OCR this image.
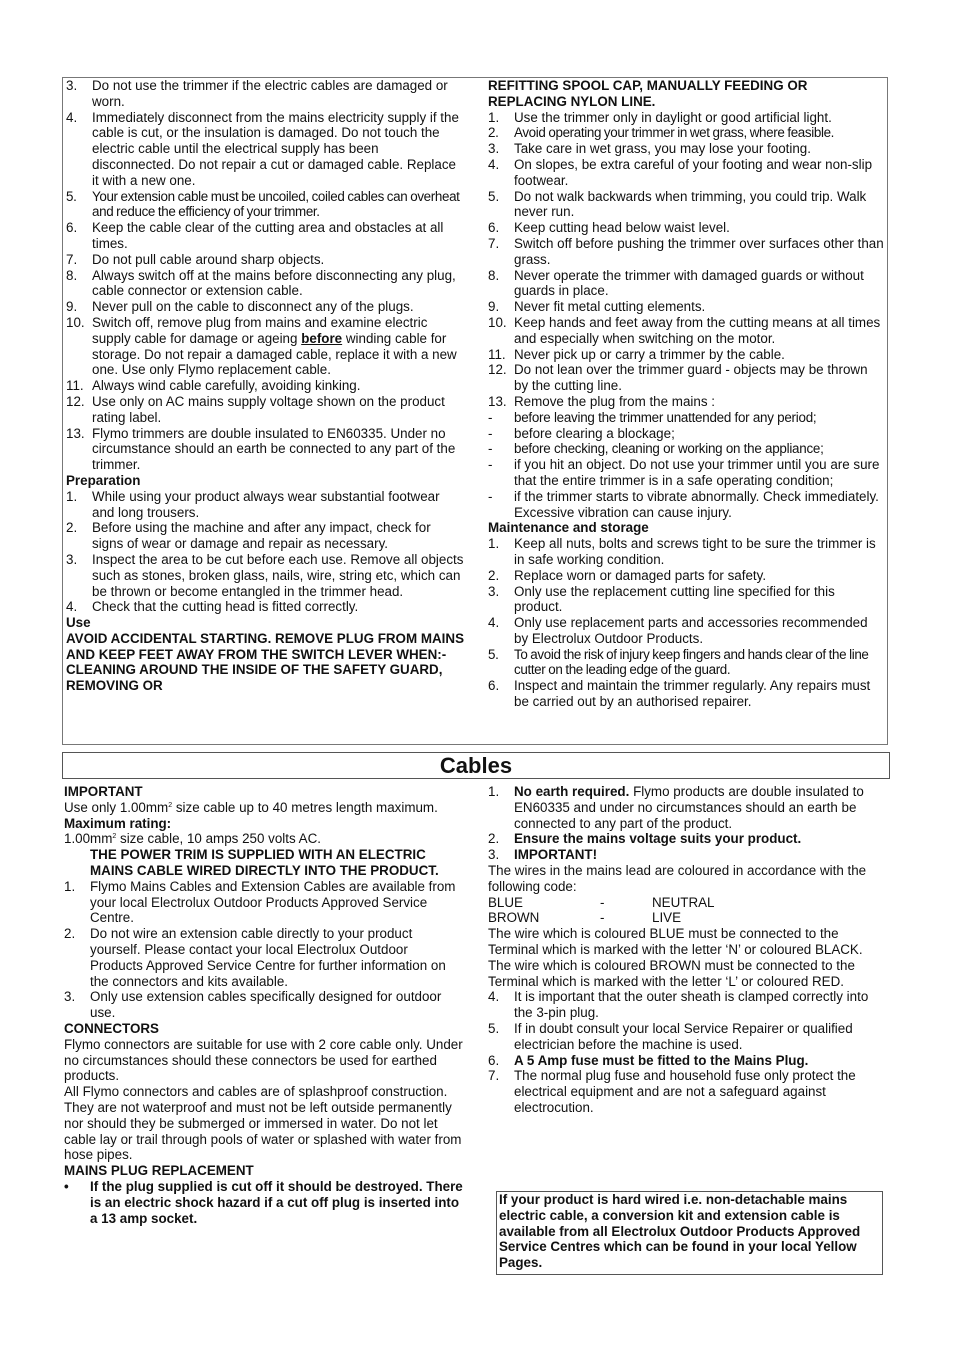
3.	Do not use the trimmer if the electric cables are damaged or worn.
4.	Immediately disconnect from the mains electricity supply if the cable is cut, or the insulation is damaged. Do not touch the electric cable until the electrical supply has been disconnected. Do not repair a cut or damaged cable. Replace it with a new one.
5.	Your extension cable must be uncoiled, coiled cables can overheat and reduce the efficiency of your trimmer.
6.	Keep the cable clear of the cutting area and obstacles at all times.
7.	Do not pull cable around sharp objects.
8.	Always switch off at the mains before disconnecting any plug, cable connector or extension cable.
9.	Never pull on the cable to disconnect any of the plugs.
10. Switch off, remove plug from mains and examine electric supply cable for damage or ageing before winding cable for storage. Do not repair a damaged cable, replace it with a new one. Use only Flymo replacement cable.
11. Always wind cable carefully, avoiding kinking.
12. Use only on AC mains supply voltage shown on the product rating label.
13. Flymo trimmers are double insulated to EN60335. Under no circumstance should an earth be connected to any part of the trimmer.
Preparation
1.	While using your product always wear substantial footwear and long trousers.
2.	Before using the machine and after any impact, check for signs of wear or damage and repair as necessary.
3.	Inspect the area to be cut before each use. Remove all objects such as stones, broken glass, nails, wire, string etc, which can be thrown or become entangled in the trimmer head.
4.	Check that the cutting head is fitted correctly.
Use
AVOID ACCIDENTAL STARTING. REMOVE PLUG FROM MAINS AND KEEP FEET AWAY FROM THE SWITCH LEVER WHEN:- CLEANING AROUND THE INSIDE OF THE SAFETY GUARD, REMOVING OR
REFITTING SPOOL CAP, MANUALLY FEEDING OR REPLACING NYLON LINE.
1.	Use the trimmer only in daylight or good artificial light.
2.	Avoid operating your trimmer in wet grass, where feasible.
3.	Take care in wet grass, you may lose your footing.
4.	On slopes, be extra careful of your footing and wear non-slip footwear.
5.	Do not walk backwards when trimming, you could trip. Walk never run.
6.	Keep cutting head below waist level.
7.	Switch off before pushing the trimmer over surfaces other than grass.
8.	Never operate the trimmer with damaged guards or without guards in place.
9.	Never fit metal cutting elements.
10. Keep hands and feet away from the cutting means at all times and especially when switching on the motor.
11. Never pick up or carry a trimmer by the cable.
12. Do not lean over the trimmer guard - objects may be thrown by the cutting line.
13. Remove the plug from the mains :
-	before leaving the trimmer unattended for any period;
-	before clearing a blockage;
-	before checking, cleaning or working on the appliance;
-	if you hit an object. Do not use your trimmer until you are sure that the entire trimmer is in a safe operating condition;
-	if the trimmer starts to vibrate abnormally. Check immediately. Excessive vibration can cause injury.
Maintenance and storage
1.	Keep all nuts, bolts and screws tight to be sure the trimmer is in safe working condition.
2.	Replace worn or damaged parts for safety.
3.	Only use the replacement cutting line specified for this product.
4.	Only use replacement parts and accessories recommended by Electrolux Outdoor Products.
5.	To avoid the risk of injury keep fingers and hands clear of the line cutter on the leading edge of the guard.
6.	Inspect and maintain the trimmer regularly. Any repairs must be carried out by an authorised repairer.
Cables
IMPORTANT
Use only $1.00mm^2$ size cable up to 40 metres length maximum.
Maximum rating:
$1.00mm^2$ size cable, 10 amps 250 volts AC.
THE POWER TRIM IS SUPPLIED WITH AN ELECTRIC MAINS CABLE WIRED DIRECTLY INTO THE PRODUCT.
1.	Flymo Mains Cables and Extension Cables are available from your local Electrolux Outdoor Products Approved Service Centre.
2.	Do not wire an extension cable directly to your product yourself. Please contact your local Electrolux Outdoor Products Approved Service Centre for further information on the connectors and kits available.
3.	Only use extension cables specifically designed for outdoor use.
CONNECTORS
Flymo connectors are suitable for use with 2 core cable only. Under no circumstances should these connectors be used for earthed products.
All Flymo connectors and cables are of splashproof construction. They are not waterproof and must not be left outside permanently nor should they be submerged or immersed in water. Do not let cable lay or trail through pools of water or splashed with water from hose pipes.
MAINS PLUG REPLACEMENT
•	If the plug supplied is cut off it should be destroyed. There is an electric shock hazard if a cut off plug is inserted into a 13 amp socket.
1.	No earth required. Flymo products are double insulated to EN60335 and under no circumstances should an earth be connected to any part of the product.
2.	Ensure the mains voltage suits your product.
3.	IMPORTANT!
The wires in the mains lead are coloured in accordance with the following code:
BLUE	-	NEUTRAL
BROWN	-	LIVE
The wire which is coloured BLUE must be connected to the Terminal which is marked with the letter ‘N’ or coloured BLACK. The wire which is coloured BROWN must be connected to the Terminal which is marked with the letter ‘L’ or coloured RED.
4.	It is important that the outer sheath is clamped correctly into the 3-pin plug.
5.	If in doubt consult your local Service Repairer or qualified electrician before the machine is used.
6.	A 5 Amp fuse must be fitted to the Mains Plug.
7.	The normal plug fuse and household fuse only protect the electrical equipment and are not a safeguard against electrocution.
If your product is hard wired i.e. non-detachable mains electric cable, a conversion kit and extension cable is available from all Electrolux Outdoor Products Approved Service Centres which can be found in your local Yellow Pages.
